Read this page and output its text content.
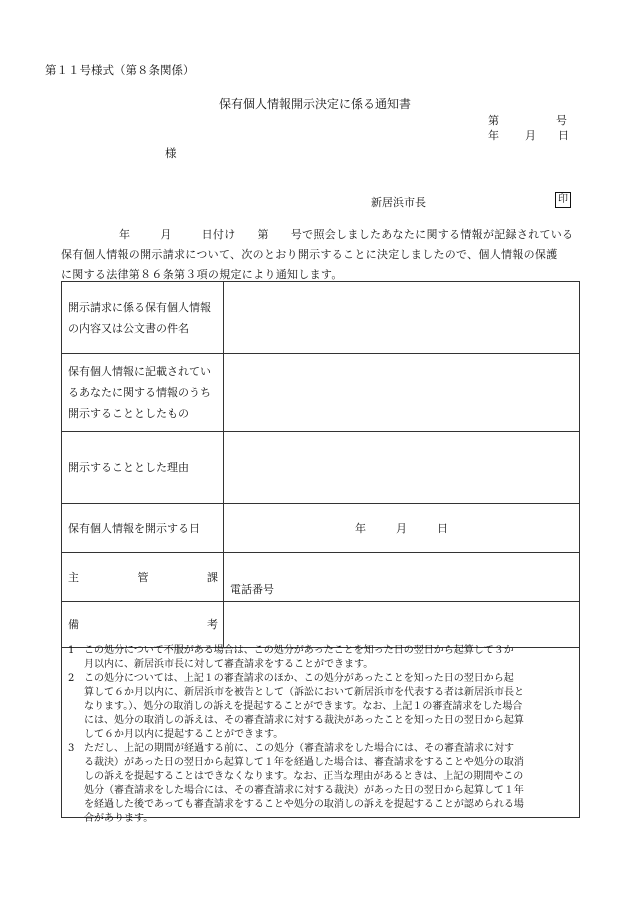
第１１号様式（第８条関係）
保有個人情報開示決定に係る通知書
第	号
年 月 日
様
新居浜市長	印
年	月	日付け 第 号で照会しましたあなたに関する情報が記録されている
保有個人情報の開示請求について、次のとおり開示することに決定しましたので、個人情報の保護
に関する法律第８６条第３項の規定により通知します。
開示請求に係る保有個人情報の内容又は公文書の件名	
保有個人情報に記載されているあなたに関する情報のうち開示することとしたもの	
開示することとした理由	
保有個人情報を開示する日	年 月 日

主 管 課	電話番号

備 考	

1 この処分について不服がある場合は、この処分があったことを知った日の翌日から起算して３か
月以内に、新居浜市長に対して審査請求をすることができます。
2 この処分については、上記１の審査請求のほか、この処分があったことを知った日の翌日から起
算して６か月以内に、新居浜市を被告として（訴訟において新居浜市を代表する者は新居浜市長と
なります。）、処分の取消しの訴えを提起することができます。なお、上記１の審査請求をした場合
には、処分の取消しの訴えは、その審査請求に対する裁決があったことを知った日の翌日から起算
して６か月以内に提起することができます。
3 ただし、上記の期間が経過する前に、この処分（審査請求をした場合には、その審査請求に対す
る裁決）があった日の翌日から起算して１年を経過した場合は、審査請求をすることや処分の取消
しの訴えを提起することはできなくなります。なお、正当な理由があるときは、上記の期間やこの
処分（審査請求をした場合には、その審査請求に対する裁決）があった日の翌日から起算して１年
を経過した後であっても審査請求をすることや処分の取消しの訴えを提起することが認められる場
合があります。
